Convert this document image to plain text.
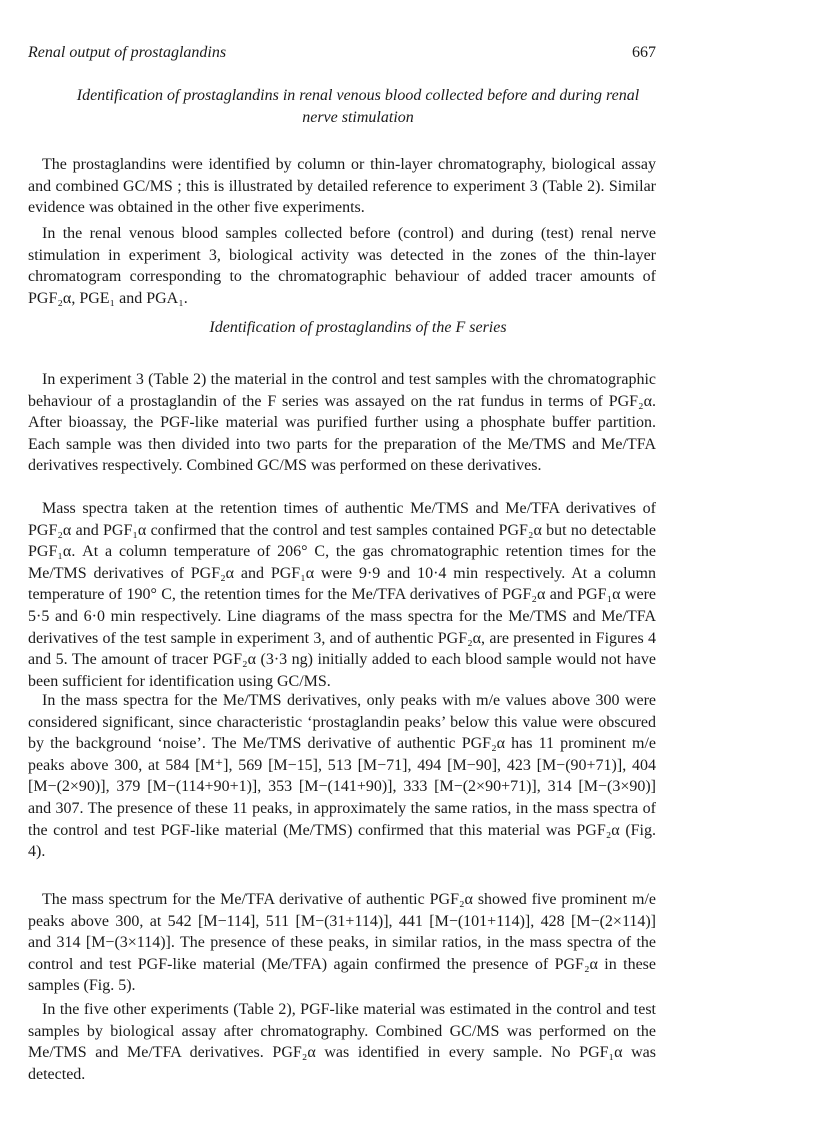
Renal output of prostaglandins	667
Identification of prostaglandins in renal venous blood collected before and during renal nerve stimulation

The prostaglandins were identified by column or thin-layer chromatography, biological assay and combined GC/MS ; this is illustrated by detailed reference to experiment 3 (Table 2). Similar evidence was obtained in the other five experiments.

In the renal venous blood samples collected before (control) and during (test) renal nerve stimulation in experiment 3, biological activity was detected in the zones of the thin-layer chromatogram corresponding to the chromatographic behaviour of added tracer amounts of PGF₂α, PGE₁ and PGA₁.

Identification of prostaglandins of the F series

In experiment 3 (Table 2) the material in the control and test samples with the chromatographic behaviour of a prostaglandin of the F series was assayed on the rat fundus in terms of PGF₂α. After bioassay, the PGF-like material was purified further using a phosphate buffer partition. Each sample was then divided into two parts for the preparation of the Me/TMS and Me/TFA derivatives respectively. Combined GC/MS was performed on these derivatives.

Mass spectra taken at the retention times of authentic Me/TMS and Me/TFA derivatives of PGF₂α and PGF₁α confirmed that the control and test samples contained PGF₂α but no detectable PGF₁α. At a column temperature of 206° C, the gas chromatographic retention times for the Me/TMS derivatives of PGF₂α and PGF₁α were 9·9 and 10·4 min respectively. At a column temperature of 190° C, the retention times for the Me/TFA derivatives of PGF₂α and PGF₁α were 5·5 and 6·0 min respectively. Line diagrams of the mass spectra for the Me/TMS and Me/TFA derivatives of the test sample in experiment 3, and of authentic PGF₂α, are presented in Figures 4 and 5. The amount of tracer PGF₂α (3·3 ng) initially added to each blood sample would not have been sufficient for identification using GC/MS.

In the mass spectra for the Me/TMS derivatives, only peaks with m/e values above 300 were considered significant, since characteristic ‘prostaglandin peaks’ below this value were obscured by the background ‘noise’. The Me/TMS derivative of authentic PGF₂α has 11 prominent m/e peaks above 300, at 584 [M⁺], 569 [M−15], 513 [M−71], 494 [M−90], 423 [M−(90+71)], 404 [M−(2×90)], 379 [M−(114+90+1)], 353 [M−(141+90)], 333 [M−(2×90+71)], 314 [M−(3×90)] and 307. The presence of these 11 peaks, in approximately the same ratios, in the mass spectra of the control and test PGF-like material (Me/TMS) confirmed that this material was PGF₂α (Fig. 4).

The mass spectrum for the Me/TFA derivative of authentic PGF₂α showed five prominent m/e peaks above 300, at 542 [M−114], 511 [M−(31+114)], 441 [M−(101+114)], 428 [M−(2×114)] and 314 [M−(3×114)]. The presence of these peaks, in similar ratios, in the mass spectra of the control and test PGF-like material (Me/TFA) again confirmed the presence of PGF₂α in these samples (Fig. 5).

In the five other experiments (Table 2), PGF-like material was estimated in the control and test samples by biological assay after chromatography. Combined GC/MS was performed on the Me/TMS and Me/TFA derivatives. PGF₂α was identified in every sample. No PGF₁α was detected.
